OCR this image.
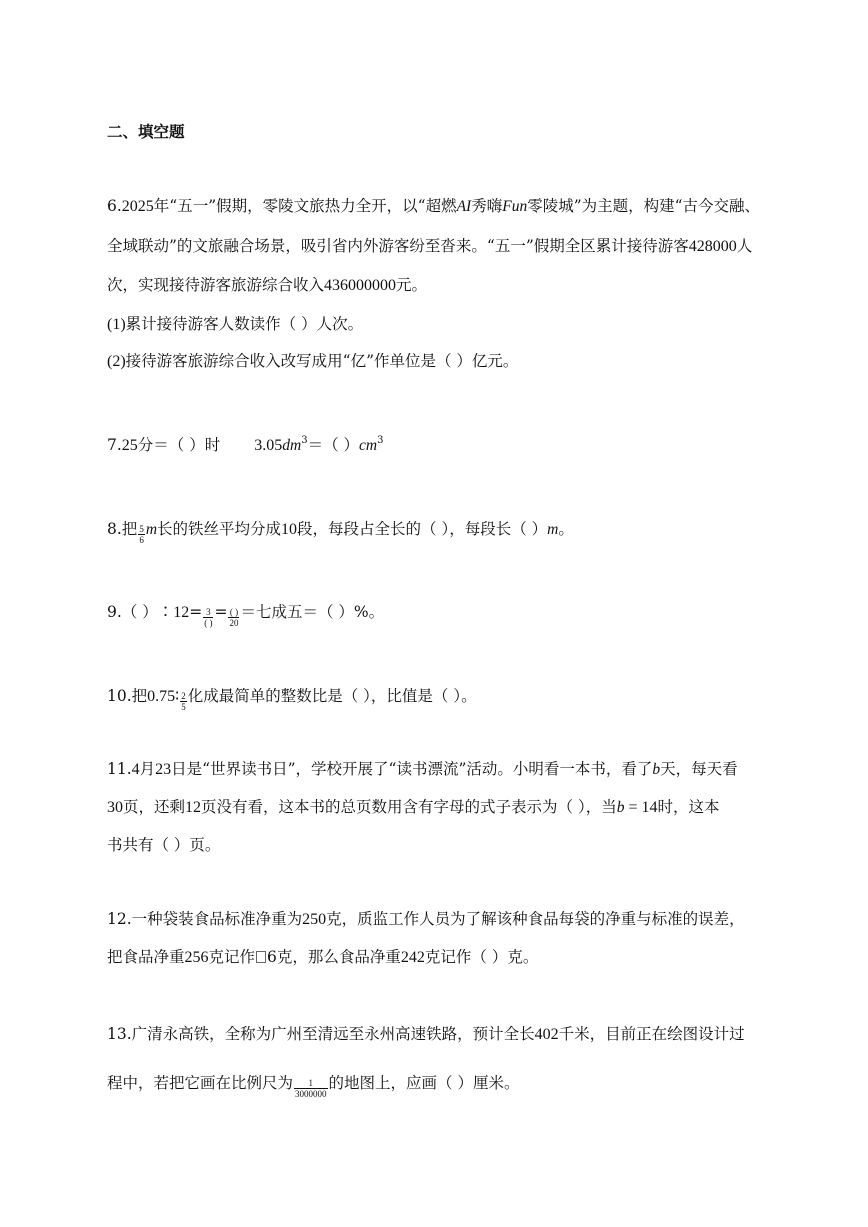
二、填空题
6.2025年“五一”假期，零陵文旅热力全开，以“超燃AI秀嗨Fun零陵城”为主题，构建“古今交融、
全域联动”的文旅融合场景，吸引省内外游客纷至沓来。“五一”假期全区累计接待游客428000人
次，实现接待游客旅游综合收入436000000元。
(1)累计接待游客人数读作（ ）人次。
(2)接待游客旅游综合收入改写成用“亿”作单位是（ ）亿元。
7.25分＝（ ）时 $3.05dm^3=$（ ）$cm^3$
8.把 $\frac{5}{6}$ m长的铁丝平均分成10段，每段占全长的（ ），每段长（ ）m。
9.（ ）∶12= $\frac{3}{( )} = \frac{( )}{20}$ ＝七成五＝（ ）%。
10.把0.75∶ $\frac{2}{5}$ 化成最简单的整数比是（ ），比值是（ ）。
11.4月23日是“世界读书日”，学校开展了“读书漂流”活动。小明看一本书，看了b天，每天看
30页，还剩12页没有看，这本书的总页数用含有字母的式子表示为（ ），当b = 14时，这本
书共有（ ）页。
12.一种袋装食品标准净重为250克，质监工作人员为了解该种食品每袋的净重与标准的误差，
把食品净重256克记作 6克，那么食品净重242克记作（ ）克。
13.广清永高铁，全称为广州至清远至永州高速铁路，预计全长402千米，目前正在绘图设计过
程中，若把它画在比例尺为 $\frac{1}{3000000}$ 的地图上，应画（ ）厘米。
